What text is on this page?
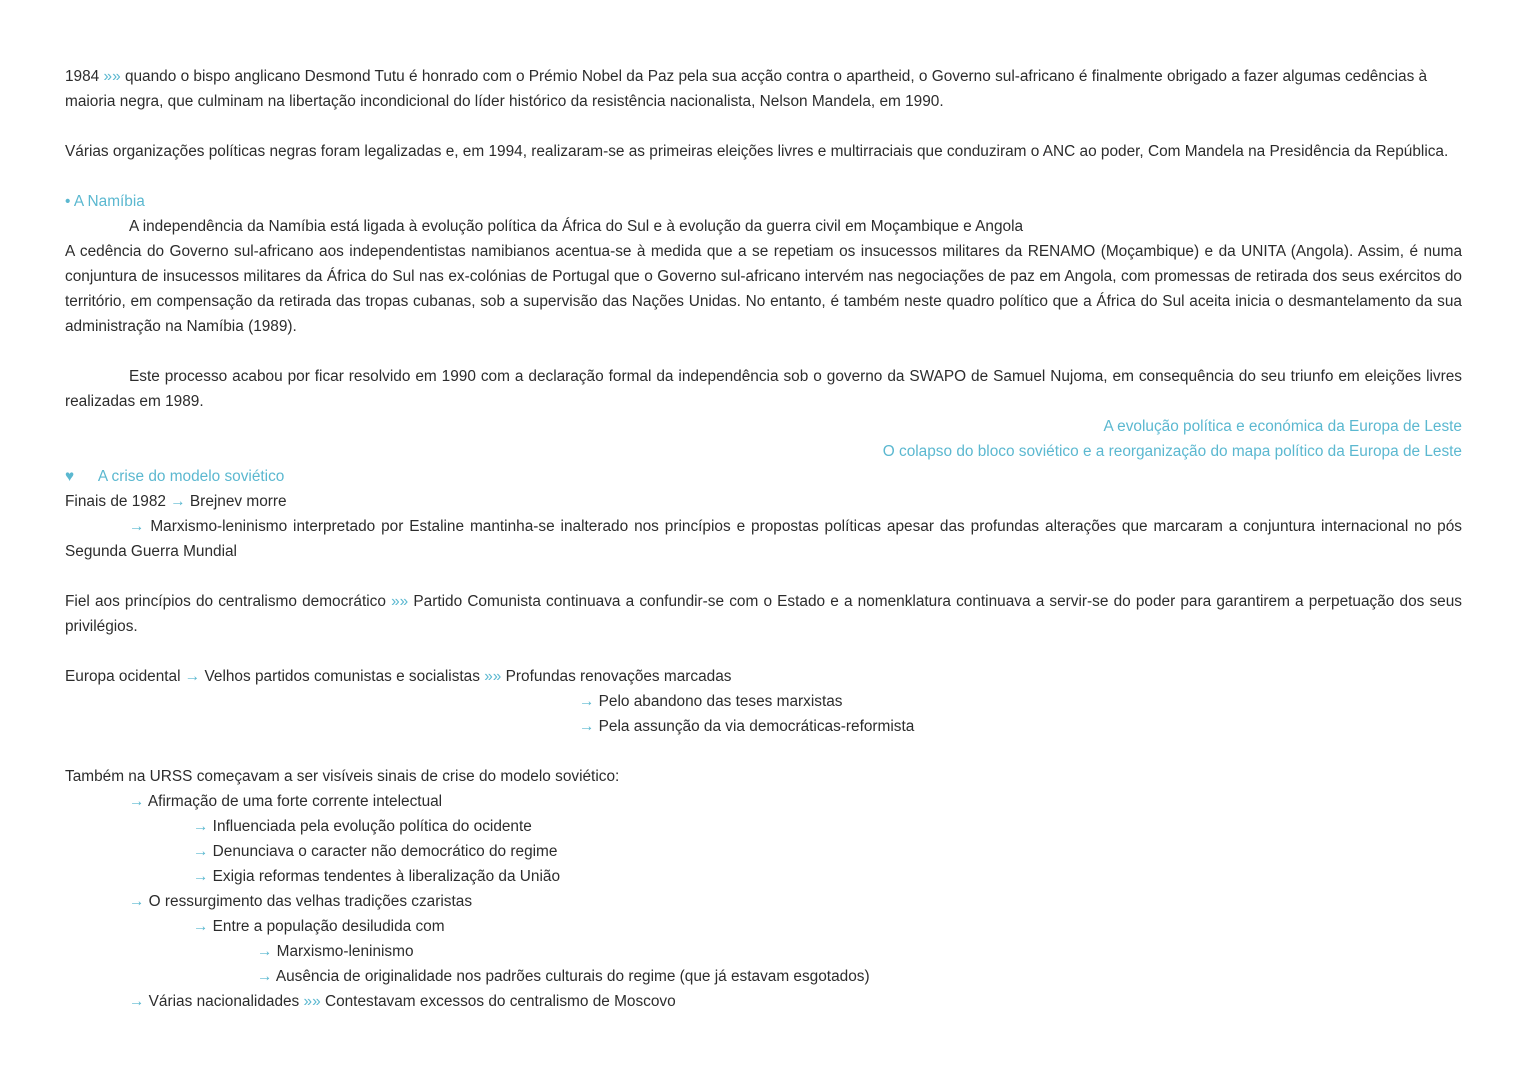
1984 »» quando o bispo anglicano Desmond Tutu é honrado com o Prémio Nobel da Paz pela sua acção contra o apartheid, o Governo sul-africano é finalmente obrigado a fazer algumas cedências à
maioria negra, que culminam na libertação incondicional do líder histórico da resistência nacionalista, Nelson Mandela, em 1990.
Várias organizações políticas negras foram legalizadas e, em 1994, realizaram-se as primeiras eleições livres e multirraciais que conduziram o ANC ao poder, Com Mandela na Presidência da República.
• A Namíbia
A independência da Namíbia está ligada à evolução política da África do Sul e à evolução da guerra civil em Moçambique e Angola
A cedência do Governo sul-africano aos independentistas namibianos acentua-se à medida que a se repetiam os insucessos militares da RENAMO (Moçambique) e da UNITA (Angola). Assim, é numa conjuntura de insucessos militares da África do Sul nas ex-colónias de Portugal que o Governo sul-africano intervém nas negociações de paz em Angola, com promessas de retirada dos seus exércitos do território, em compensação da retirada das tropas cubanas, sob a supervisão das Nações Unidas. No entanto, é também neste quadro político que a África do Sul aceita inicia o desmantelamento da sua administração na Namíbia (1989).
Este processo acabou por ficar resolvido em 1990 com a declaração formal da independência sob o governo da SWAPO de Samuel Nujoma, em consequência do seu triunfo em eleições livres
realizadas em 1989.
A evolução política e económica da Europa de Leste
O colapso do bloco soviético e a reorganização do mapa político da Europa de Leste
♥ A crise do modelo soviético
Finais de 1982 → Brejnev morre
→ Marxismo-leninismo interpretado por Estaline mantinha-se inalterado nos princípios e propostas políticas apesar das profundas alterações que marcaram a conjuntura internacional no pós
Segunda Guerra Mundial
Fiel aos princípios do centralismo democrático »» Partido Comunista continuava a confundir-se com o Estado e a nomenklatura continuava a servir-se do poder para garantirem a perpetuação dos seus
privilégios.
Europa ocidental → Velhos partidos comunistas e socialistas »» Profundas renovações marcadas
→ Pelo abandono das teses marxistas
→ Pela assunção da via democráticas-reformista
Também na URSS começavam a ser visíveis sinais de crise do modelo soviético:
→ Afirmação de uma forte corrente intelectual
→ Influenciada pela evolução política do ocidente
→ Denunciava o caracter não democrático do regime
→ Exigia reformas tendentes à liberalização da União
→ O ressurgimento das velhas tradições czaristas
→ Entre a população desiludida com
→ Marxismo-leninismo
→ Ausência de originalidade nos padrões culturais do regime (que já estavam esgotados)
→ Várias nacionalidades »» Contestavam excessos do centralismo de Moscovo
